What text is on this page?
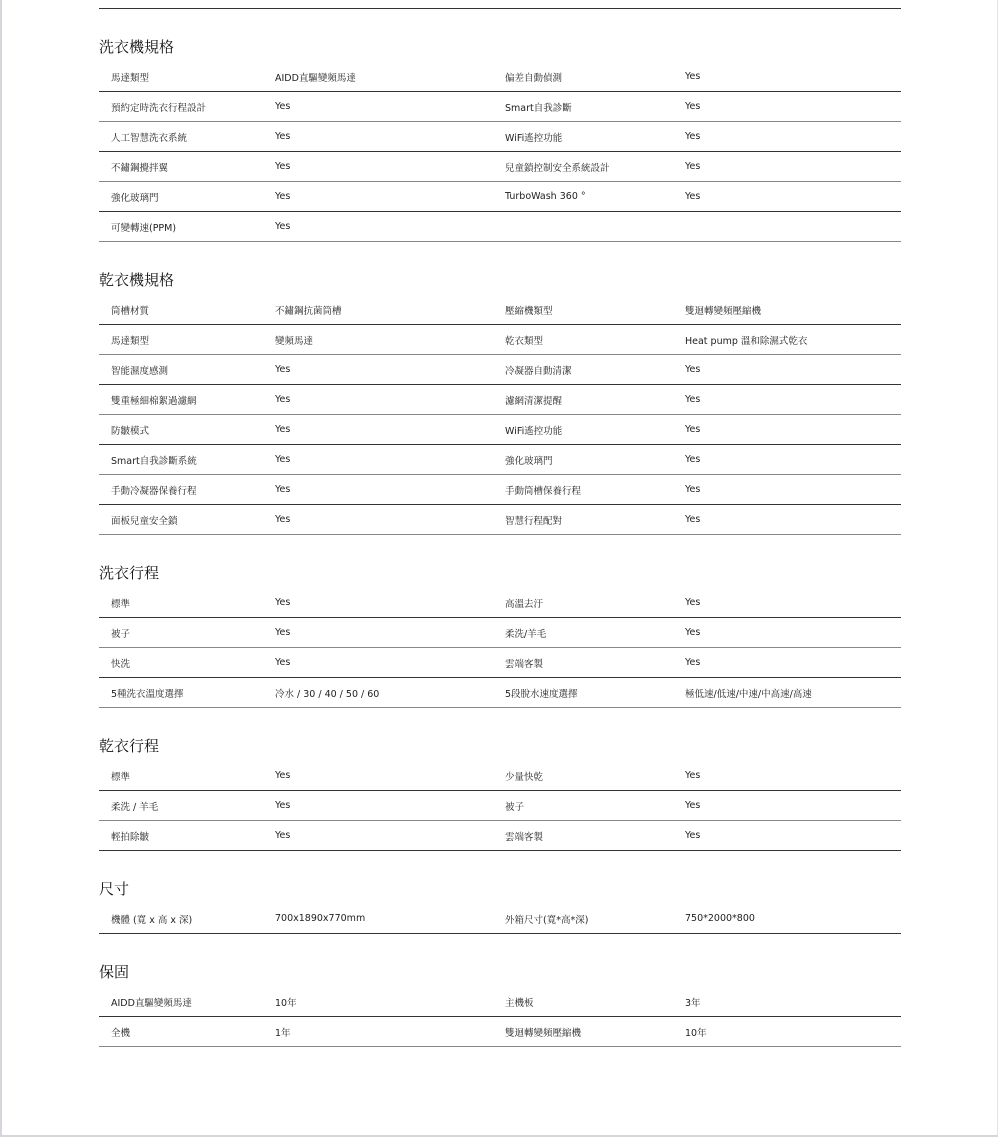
洗衣機規格
馬達類型	AIDD直驅變頻馬達	偏差自動偵測	Yes
預約定時洗衣行程設計	Yes	Smart自我診斷	Yes
人工智慧洗衣系統	Yes	WiFi遙控功能	Yes
不鏽鋼攪拌翼	Yes	兒童鎖控制安全系統設計	Yes
強化玻璃門	Yes	TurboWash 360 °	Yes
可變轉速(PPM)	Yes
乾衣機規格
筒槽材質	不鏽鋼抗菌筒槽	壓縮機類型	雙迴轉變頻壓縮機
馬達類型	變頻馬達	乾衣類型	Heat pump 溫和除濕式乾衣
智能濕度感測	Yes	冷凝器自動清潔	Yes
雙重極細棉絮過濾網	Yes	濾網清潔提醒	Yes
防皺模式	Yes	WiFi遙控功能	Yes
Smart自我診斷系統	Yes	強化玻璃門	Yes
手動冷凝器保養行程	Yes	手動筒槽保養行程	Yes
面板兒童安全鎖	Yes	智慧行程配對	Yes
洗衣行程
標準	Yes	高溫去汙	Yes
被子	Yes	柔洗/羊毛	Yes
快洗	Yes	雲端客製	Yes
5種洗衣溫度選擇	冷水 / 30 / 40 / 50 / 60	5段脫水速度選擇	極低速/低速/中速/中高速/高速
乾衣行程
標準	Yes	少量快乾	Yes
柔洗 / 羊毛	Yes	被子	Yes
輕拍除皺	Yes	雲端客製	Yes
尺寸
機體 (寬 x 高 x 深)	700x1890x770mm	外箱尺寸(寬*高*深)	750*2000*800
保固
AIDD直驅變頻馬達	10年	主機板	3年
全機	1年	雙迴轉變頻壓縮機	10年
